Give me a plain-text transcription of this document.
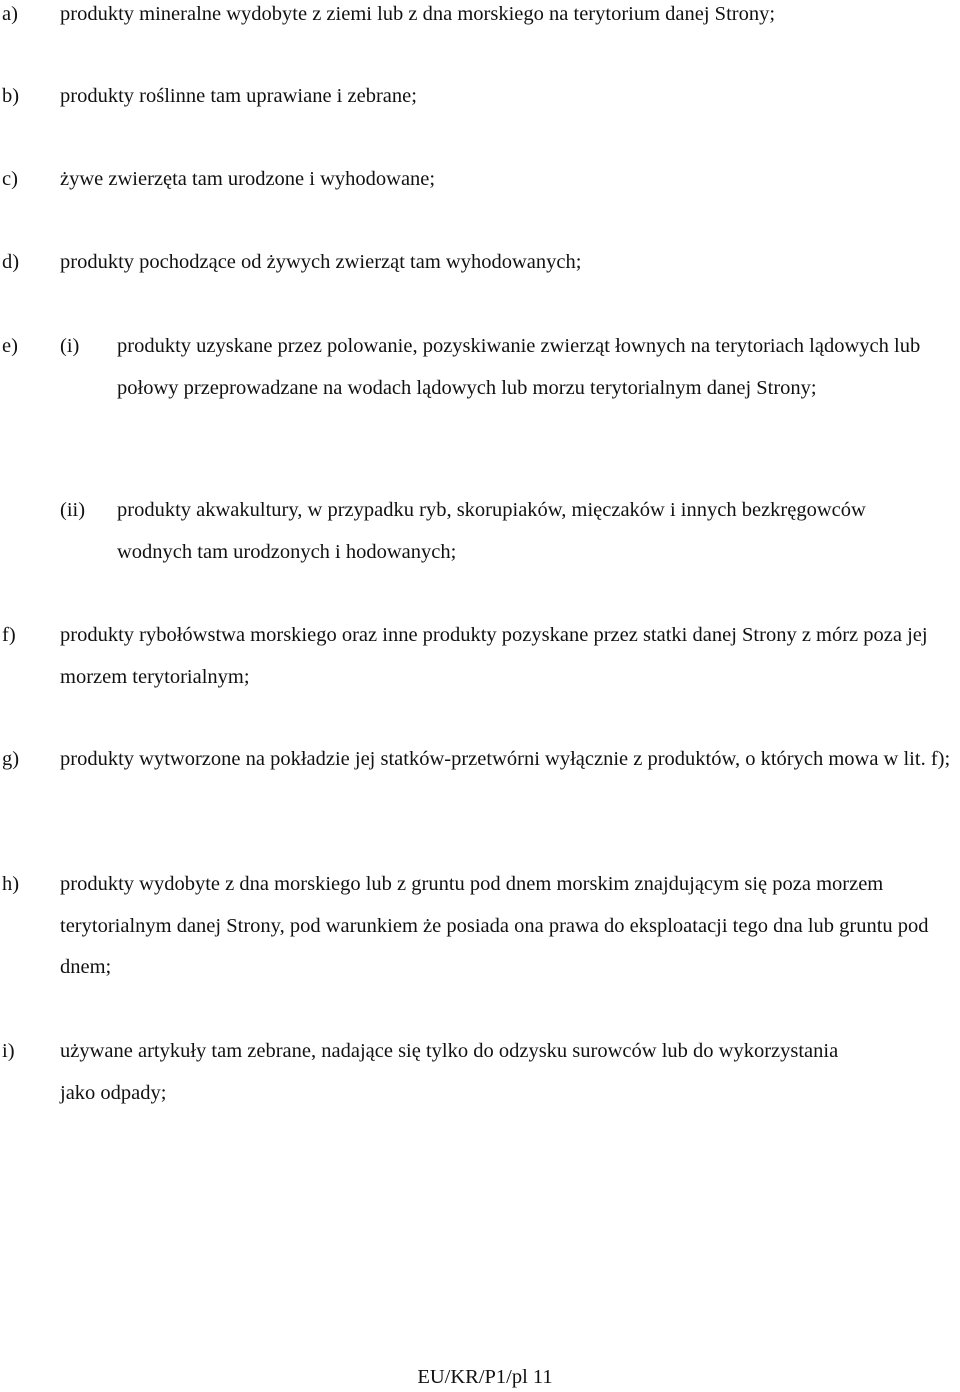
a) produkty mineralne wydobyte z ziemi lub z dna morskiego na terytorium danej Strony;
b) produkty roślinne tam uprawiane i zebrane;
c) żywe zwierzęta tam urodzone i wyhodowane;
d) produkty pochodzące od żywych zwierząt tam wyhodowanych;
e) (i) produkty uzyskane przez polowanie, pozyskiwanie zwierząt łownych na terytoriach lądowych lub połowy przeprowadzane na wodach lądowych lub morzu terytorialnym danej Strony;
(ii) produkty akwakultury, w przypadku ryb, skorupiaków, mięczaków i innych bezkręgowców wodnych tam urodzonych i hodowanych;
f) produkty rybołówstwa morskiego oraz inne produkty pozyskane przez statki danej Strony z mórz poza jej morzem terytorialnym;
g) produkty wytworzone na pokładzie jej statków-przetwórni wyłącznie z produktów, o których mowa w lit. f);
h) produkty wydobyte z dna morskiego lub z gruntu pod dnem morskim znajdującym się poza morzem terytorialnym danej Strony, pod warunkiem że posiada ona prawa do eksploatacji tego dna lub gruntu pod dnem;
i) używane artykuły tam zebrane, nadające się tylko do odzysku surowców lub do wykorzystania jako odpady;
EU/KR/P1/pl 11
